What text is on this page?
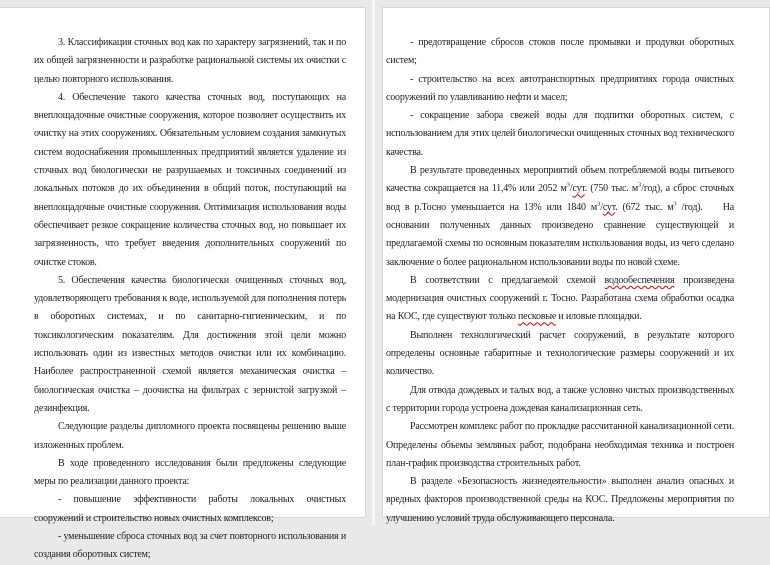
3. Классификация сточных вод как по характеру загрязнений, так и по их общей загрязненности и разработке рациональной системы их очистки с целью повторного использования.

4. Обеспечение такого качества сточных вод, поступающих на внеплощадочные очистные сооружения, которое позволяет осуществить их очистку на этих сооружениях. Обязательным условием создания замкнутых систем водоснабжения промышленных предприятий является удаление из сточных вод биологически не разрушаемых и токсичных соединений из локальных потоков до их объединения в общий поток, поступающий на внеплощадочные очистные сооружения. Оптимизация использования воды обеспечивает резкое сокращение количества сточных вод, но повышает их загрязненность, что требует введения дополнительных сооружений по очистке стоков.

5. Обеспечения качества биологически очищенных сточных вод, удовлетворяющего требования к воде, используемой для пополнения потерь в оборотных системах, и по санитарно-гигиеническим, и по токсикологическим показателям. Для достижения этой цели можно использовать один из известных методов очистки или их комбинацию. Наиболее распространенной схемой является механическая очистка – биологическая очистка – доочистка на фильтрах с зернистой загрузкой – дезинфекция.

Следующие разделы дипломного проекта посвящены решению выше изложенных проблем.

В ходе проведенного исследования были предложены следующие меры по реализации данного проекта:

- повышение эффективности работы локальных очистных сооружений и строительство новых очистных комплексов;

- уменьшение сброса сточных вод за счет повторного использования и создания оборотных систем;

- предотвращение сбросов стоков после промывки и продувки оборотных систем;

- строительство на всех автотранспортных предприятиях города очистных сооружений по улавливанию нефти и масел;

- сокращение забора свежей воды для подпитки оборотных систем, с использованием для этих целей биологически очищенных сточных вод технического качества.

В результате проведенных мероприятий объем потребляемой воды питьевого качества сокращается на 11,4% или 2052 $м^3$/сут. (750 тыс. $м^3/год$), а сброс сточных вод в р.Тосно уменьшается на 13% или 1840 $м^3$/сут. (672 тыс. $м^3$ /год).    На основании полученных данных произведено сравнение существующей и предлагаемой схемы по основным показателям использования воды, из чего сделано заключение о более рациональном использовании воды по новой схеме.

В соответствии с предлагаемой схемой водообеспечения произведена модернизация очистных сооружений г. Тосно. Разработана схема обработки осадка на КОС, где существуют только песковые и иловые площадки.

Выполнен технологический расчет сооружений, в результате которого определены основные габаритные и технологические размеры сооружений и их количество.

Для отвода дождевых и талых вод, а также условно чистых производственных с территории города устроена дождевая канализационная сеть.

Рассмотрен комплекс работ по прокладке рассчитанной канализационной сети. Определены объемы земляных работ, подобрана необходимая техника и построен план-график производства строительных работ.

В разделе «Безопасность жизнедеятельности» выполнен анализ опасных и вредных факторов производственной среды на КОС. Предложены мероприятия по улучшению условий труда обслуживающего персонала.
